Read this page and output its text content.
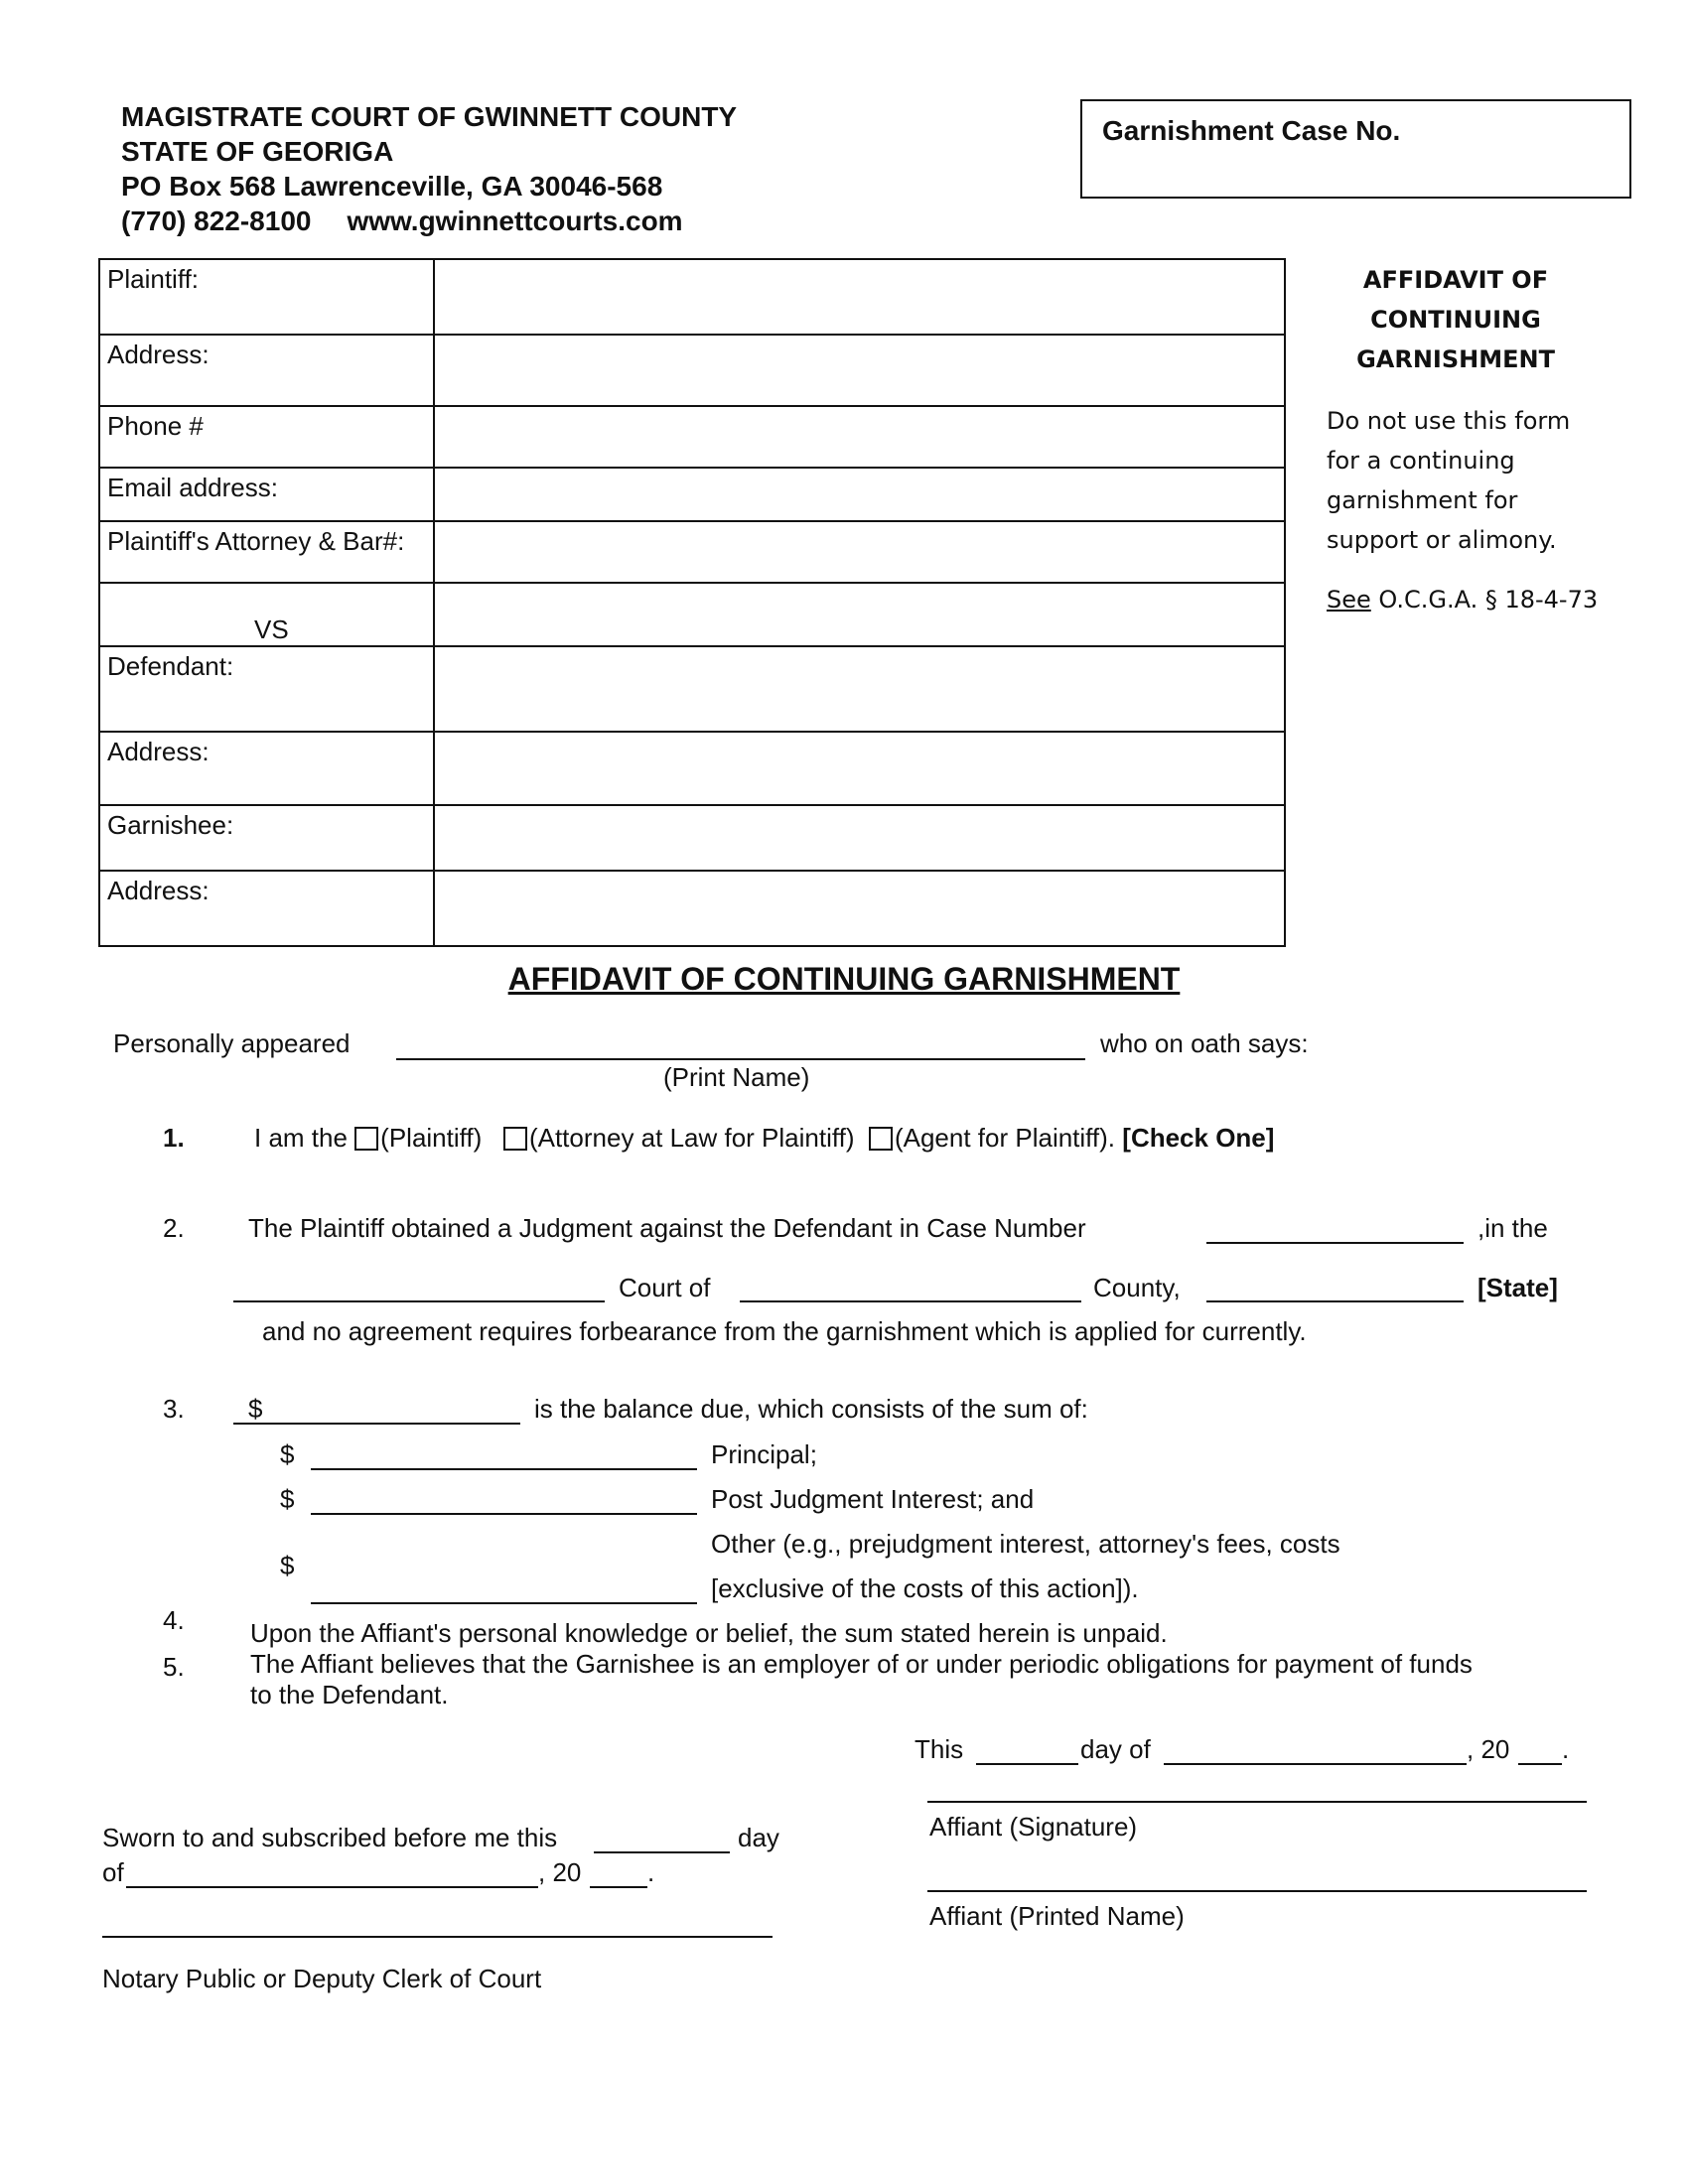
MAGISTRATE COURT OF GWINNETT COUNTY
STATE OF GEORIGA
PO Box 568 Lawrenceville, GA 30046-568
(770) 822-8100 www.gwinnettcourts.com
Garnishment Case No.
Plaintiff:	

Address:	

Phone #	

Email address:	

Plaintiff's Attorney & Bar#:	

VS	

Defendant:	

Address:	

Garnishee:	

Address:	

AFFIDAVIT OF
CONTINUING
GARNISHMENT
Do not use this form
for a continuing
garnishment for
support or alimony.
See O.C.G.A. § 18-4-73
AFFIDAVIT OF CONTINUING GARNISHMENT
Personally appeared	who on oath says:
(Print Name)
1.	I am the (Plaintiff) (Attorney at Law for Plaintiff) (Agent for Plaintiff). [Check One]
2. The Plaintiff obtained a Judgment against the Defendant in Case Number	,in the
Court of	County,	[State]
and no agreement requires forbearance from the garnishment which is applied for currently.
3. $	is the balance due, which consists of the sum of:
$	Principal;
$	Post Judgment Interest; and
Other (e.g., prejudgment interest, attorney's fees, costs
$
[exclusive of the costs of this action]).
4.	Upon the Affiant's personal knowledge or belief, the sum stated herein is unpaid.
5.	The Affiant believes that the Garnishee is an employer of or under periodic obligations for payment of funds
to the Defendant.
This	day of	, 20 .
Affiant (Signature)
Affiant (Printed Name)
Sworn to and subscribed before me this	day
of	, 20	.
Notary Public or Deputy Clerk of Court
